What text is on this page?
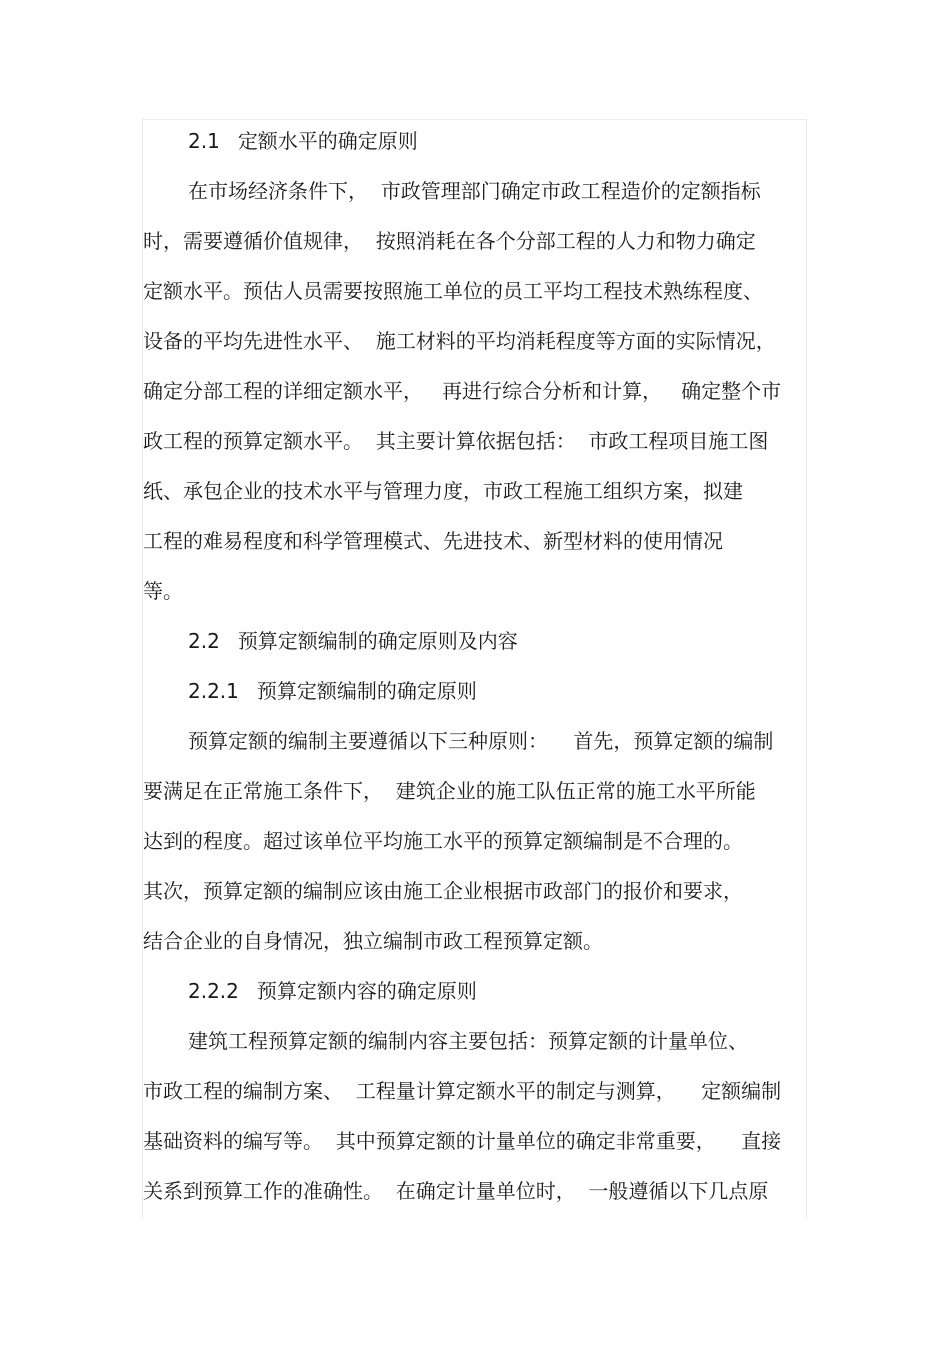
2.1 定额水平的确定原则
在市场经济条件下，  市政管理部门确定市政工程造价的定额指标
时，需要遵循价值规律，  按照消耗在各个分部工程的人力和物力确定
定额水平。预估人员需要按照施工单位的员工平均工程技术熟练程度、
设备的平均先进性水平、  施工材料的平均消耗程度等方面的实际情况，
确定分部工程的详细定额水平，   再进行综合分析和计算，   确定整个市
政工程的预算定额水平。  其主要计算依据包括：  市政工程项目施工图
纸、承包企业的技术水平与管理力度，市政工程施工组织方案，拟建
工程的难易程度和科学管理模式、先进技术、新型材料的使用情况
等。
2.2 预算定额编制的确定原则及内容
2.2.1 预算定额编制的确定原则
预算定额的编制主要遵循以下三种原则：    首先，预算定额的编制
要满足在正常施工条件下，  建筑企业的施工队伍正常的施工水平所能
达到的程度。超过该单位平均施工水平的预算定额编制是不合理的。
其次，预算定额的编制应该由施工企业根据市政部门的报价和要求，
结合企业的自身情况，独立编制市政工程预算定额。
2.2.2 预算定额内容的确定原则
建筑工程预算定额的编制内容主要包括：预算定额的计量单位、
市政工程的编制方案、  工程量计算定额水平的制定与测算，    定额编制
基础资料的编写等。  其中预算定额的计量单位的确定非常重要，    直接
关系到预算工作的准确性。  在确定计量单位时，  一般遵循以下几点原
